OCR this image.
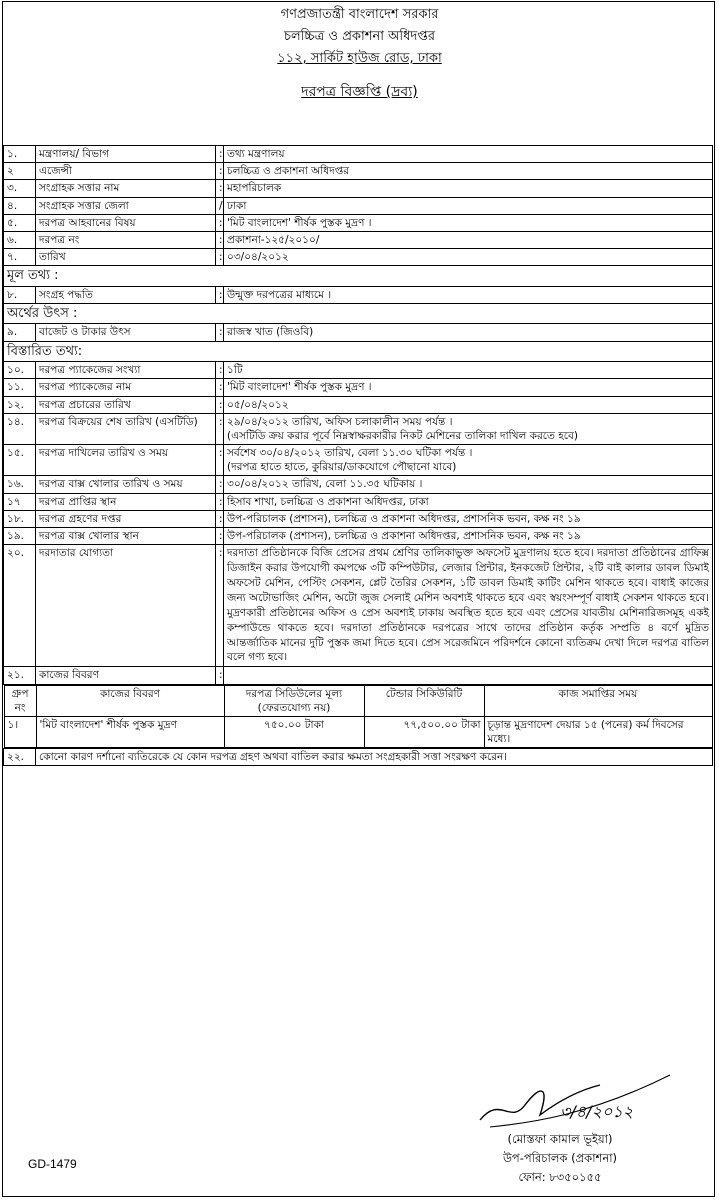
গণপ্রজাতন্ত্রী বাংলাদেশ সরকার
চলচ্চিত্র ও প্রকাশনা অধিদপ্তর
১১২, সার্কিট হাউজ রোড, ঢাকা
দরপত্র বিজ্ঞপ্তি (দ্রব্য)
১.	মন্ত্রণালয়/ বিভাগ	:	তথ্য মন্ত্রণালয়
২	এজেন্সী	:	চলচ্চিত্র ও প্রকাশনা অধিদপ্তর
৩.	সংগ্রাহক সত্তার নাম	:	মহাপরিচালক
৪.	সংগ্রাহক সত্তার জেলা	/	ঢাকা
৫.	দরপত্র আহবানের বিষয়	:	'মিট বাংলাদেশ' শীর্ষক পুস্তক মুদ্রণ ।
৬.	দরপত্র নং	:	প্রকাশনা-১২৫/২০১০/
৭.	তারিখ	:	০৩/০৪/২০১২
মূল তথ্য :
৮.	সংগ্রহ পদ্ধতি	:	উন্মুক্ত দরপত্রের মাধ্যমে ।
অর্থের উৎস :
৯.	বাজেট ও টাকার উৎস	:	রাজস্ব খাত (জিওবি)
বিস্তারিত তথ্য:
১০.	দরপত্র প্যাকেজের সংখ্যা	:	১টি
১১.	দরপত্র প্যাকেজের নাম	:	'মিট বাংলাদেশ' শীর্ষক পুস্তক মুদ্রণ ।
১২.	দরপত্র প্রচারের তারিখ	:	০৫/০৪/২০১২
১৪.	দরপত্র বিক্রয়ের শেষ তারিখ (এসটিডি)	:	২৯/০৪/২০১২ তারিখ, অফিস চলাকালীন সময় পর্যন্ত ।
(এসটিডি ক্রয় করার পূর্বে নিম্নস্বাক্ষরকারীর নিকট মেশিনের তালিকা দাখিল করতে হবে)

১৫.	দরপত্র দাখিলের তারিখ ও সময়	:	সর্বশেষ ৩০/০৪/২০১২ তারিখ, বেলা ১১.৩০ ঘটিকা পর্যন্ত ।
(দরপত্র হাতে হাতে, কুরিয়ার/ডাকযোগে পৌছানো যাবে)

১৬.	দরপত্র বাক্স খোলার তারিখ ও সময়	:	৩০/০৪/২০১২ তারিখ, বেলা ১১.৩৫ ঘটিকায় ।
১৭	দরপত্র প্রাপ্তির স্থান	:	হিসাব শাখা, চলচ্চিত্র ও প্রকাশনা অধিদপ্তর, ঢাকা
১৮.	দরপত্র গ্রহণের দপ্তর	:	উপ-পরিচালক (প্রশাসন), চলচ্চিত্র ও প্রকাশনা অধিদপ্তর, প্রশাসনিক ভবন, কক্ষ নং ১৯
১৯.	দরপত্র বাক্স খোলার স্থান	:	উপ-পরিচালক (প্রশাসন), চলচ্চিত্র ও প্রকাশনা অধিদপ্তর, প্রশাসনিক ভবন, কক্ষ নং ১৯
২০.	দরদাতার যোগ্যতা	:	দরদাতা প্রতিষ্ঠানকে বিজি প্রেসের প্রথম শ্রেণির তালিকাভুক্ত অফসেট মুদ্রণালয় হতে হবে। দরদাতা প্রতিষ্ঠানের গ্রাফিক্স ডিজাইন করার উপযোগী কমপক্ষে ৩টি কম্পিউটার, লেজার প্রিন্টার, ইনকজেট প্রিন্টার, ২টি বাই কালার ডাবল ডিমাই অফসেট মেশিন, পেস্টিং সেকশন, প্লেট তৈরির সেকশন, ১টি ডাবল ডিমাই কাটিং মেশিন থাকতে হবে। বাধাই কাজের জন্য অটোভাজিং মেশিন, অটো জুজ সেলাই মেশিন অবশ্যই থাকতে হবে এবং স্বয়ংসম্পূর্ণ বাধাই সেকশন থাকতে হবে। মুদ্রণকারী প্রতিষ্ঠানের অফিস ও প্রেস অবশ্যই ঢাকায় অবস্থিত হতে হবে এবং প্রেসের যাবতীয় মেশিনারিজসমূহ একই কম্পাউন্ডে থাকতে হবে। দরদাতা প্রতিষ্ঠানকে দরপত্রের সাথে তাদের প্রতিষ্ঠান কর্তৃক সম্প্রতি ৪ বর্ণে মুদ্রিত আন্তর্জাতিক মানের দুটি পুস্তক জমা দিতে হবে। প্রেস সরেজমিনে পরিদর্শনে কোনো ব্যতিক্রম দেখা দিলে দরপত্র বাতিল বলে গণ্য হবে।
২১.	কাজের বিবরণ	:	

গ্রুপ নং	কাজের বিবরণ	দরপত্র সিডিউলের মূল্য (ফেরতযোগ্য নয়)	টেন্ডার সিকিউরিটি	কাজ সমাপ্তির সময়
১।	'মিট বাংলাদেশ' শীর্ষক পুস্তক মুদ্রণ	৭৫০.০০ টাকা	৭৭,৫০০.০০ টাকা	চূড়ান্ত মুদ্রণাদেশ দেয়ার ১৫ (পনের) কর্ম দিবসের মধ্যে।

২২.	কোনো কারণ দর্শানো ব্যতিরেকে যে কোন দরপত্র গ্রহণ অথবা বাতিল করার ক্ষমতা সংগ্রহকারী সত্তা সংরক্ষণ করেন।
৩/৪/২০১২
(মোস্তফা কামাল ভূইয়া)
উপ-পরিচালক (প্রকাশনা)
ফোন: ৮৩৫০১৫৫
GD-1479
